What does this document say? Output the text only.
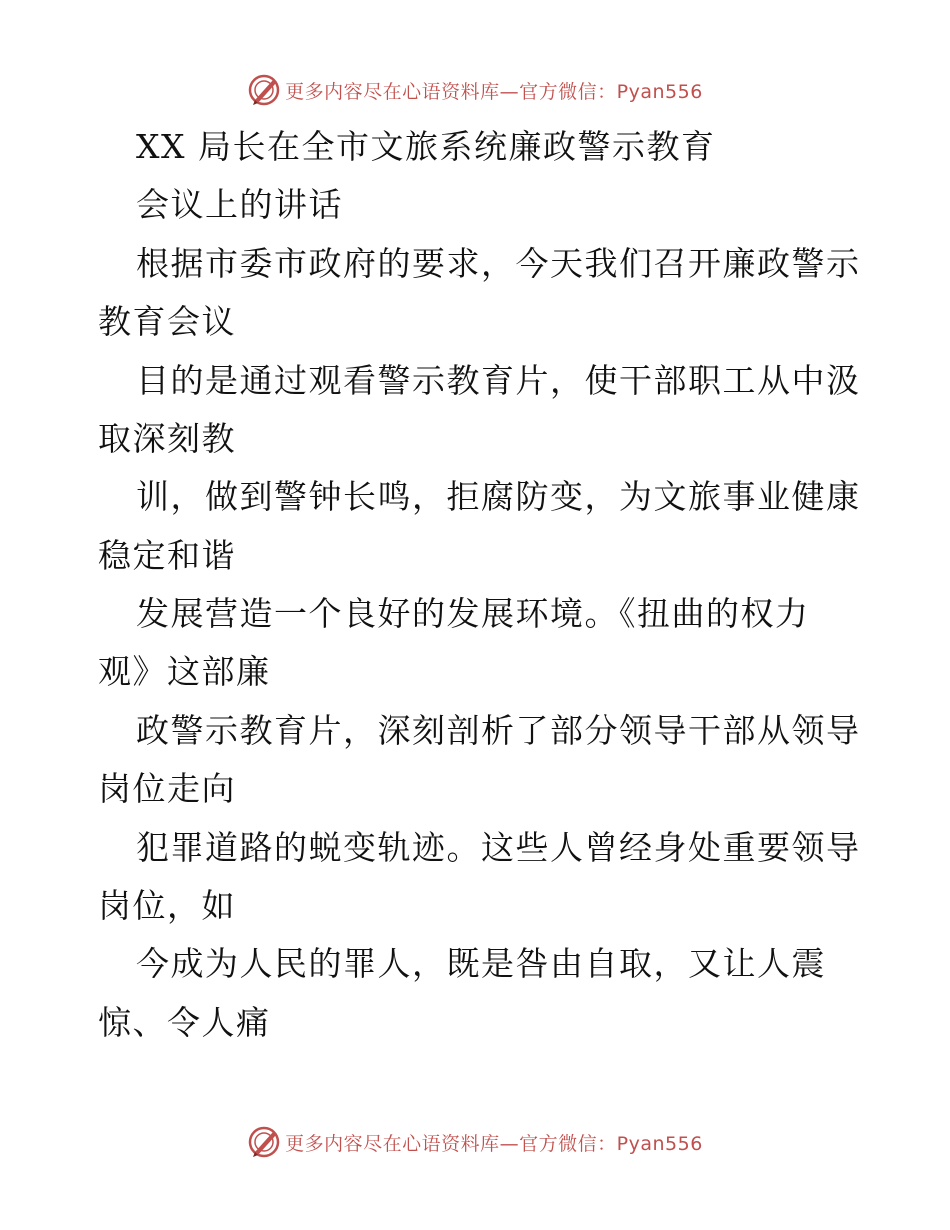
更多内容尽在心语资料库—官方微信：Pyan556
XX 局长在全市文旅系统廉政警示教育
会议上的讲话
根据市委市政府的要求，今天我们召开廉政警示
教育会议
目的是通过观看警示教育片，使干部职工从中汲
取深刻教
训，做到警钟长鸣，拒腐防变，为文旅事业健康
稳定和谐
发展营造一个良好的发展环境。《扭曲的权力
观》这部廉
政警示教育片，深刻剖析了部分领导干部从领导
岗位走向
犯罪道路的蜕变轨迹。这些人曾经身处重要领导
岗位，如
今成为人民的罪人，既是咎由自取，又让人震
惊、令人痛
更多内容尽在心语资料库—官方微信：Pyan556
